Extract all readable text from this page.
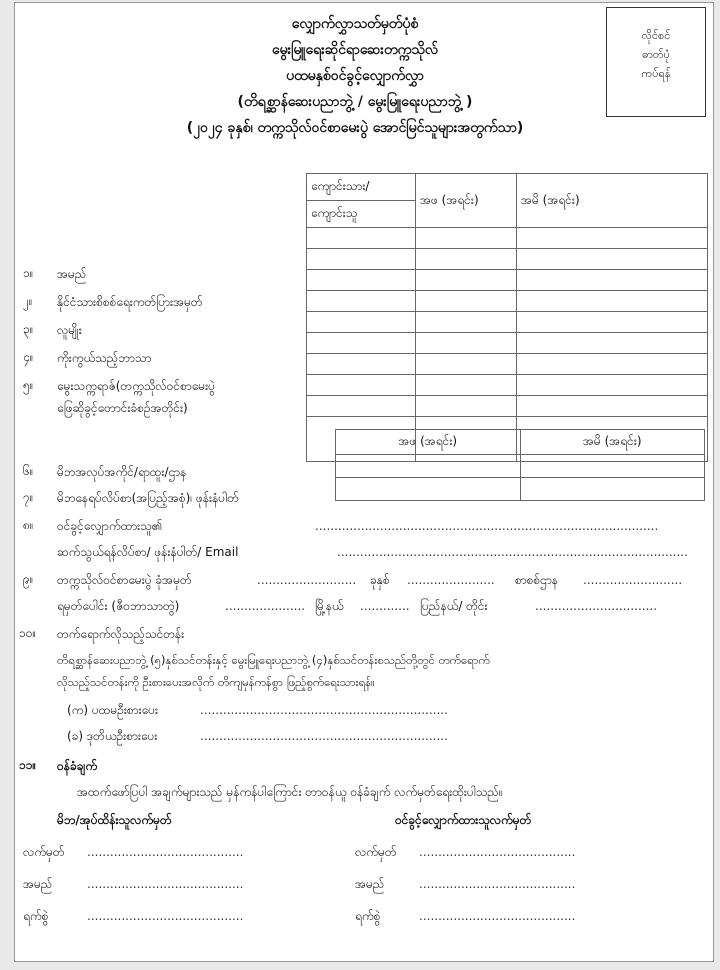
လျှောက်လွှာသတ်မှတ်ပုံစံ
မွေးမြူရေးဆိုင်ရာဆေးတက္ကသိုလ်
ပထမနှစ်ဝင်ခွင့်လျှောက်လွှာ
(တိရစ္ဆာန်ဆေးပညာဘွဲ့ / မွေးမြူရေးပညာဘွဲ့ )
(၂၀၂၄ ခုနှစ်၊ တက္ကသိုလ်ဝင်စာမေးပွဲ အောင်မြင်သူများအတွက်သာ)
လိုင်စင်
ဓာတ်ပုံ
ကပ်ရန်
ကျောင်းသား/	အဖ (အရင်း)	အမိ (အရင်း)
ကျောင်းသူ		

၁။ အမည်
၂။ နိုင်ငံသားစိစစ်ရေးကတ်ပြားအမှတ်
၃။ လူမျိုး
၄။ ကိုးကွယ်သည့်ဘာသာ
၅။ မွေးသက္ကရာဇ်(တက္ကသိုလ်ဝင်စာမေးပွဲ
ဖြေဆိုခွင့်တောင်းခံစဉ်အတိုင်း)
အဖ (အရင်း)	အမိ (အရင်း)

၆။ မိဘအလုပ်အကိုင်/ရာထူး/ဌာန
၇။ မိဘနေရပ်လိပ်စာ(အပြည့်အစုံ)၊ ဖုန်းနံပါတ်
၈။ ဝင်ခွင့်လျှောက်ထားသူ၏	..........................................................................................
ဆက်သွယ်ရန်လိပ်စာ/ ဖုန်းနံပါတ်/ Email	............................................................................................
၉။ တက္ကသိုလ်ဝင်စာမေးပွဲ ခုံအမှတ်	.......................... ခုနှစ် ....................... စာစစ်ဌာန ..........................
ရမှတ်ပေါင်း (ဇီဝဘာသာတွဲ)	..................... မြို့နယ် ............. ပြည်နယ်/ တိုင်း	................................
၁၀။ တက်ရောက်လိုသည့်သင်တန်း
တိရစ္ဆာန်ဆေးပညာဘွဲ့ (၅)နှစ်သင်တန်းနှင့် မွေးမြူရေးပညာဘွဲ့ (၄)နှစ်သင်တန်းစသည်တို့တွင် တက်ရောက်
လိုသည့်သင်တန်းကို ဦးစားပေးအလိုက် တိကျမှန်ကန်စွာ ဖြည့်စွက်ရေးသားရန်။
(က) ပထမဦးစားပေး	.................................................................
(ခ) ဒုတိယဦးစားပေး	.................................................................
၁၁။ ဝန်ခံချက်
အထက်ဖော်ပြပါ အချက်များသည် မှန်ကန်ပါကြောင်း တာဝန်ယူ ဝန်ခံချက် လက်မှတ်ရေးထိုးပါသည်။
မိဘ/အုပ်ထိန်းသူလက်မှတ်	ဝင်ခွင့်လျှောက်ထားသူလက်မှတ်
လက်မှတ် .........................................	လက်မှတ် .........................................
အမည်	.........................................	အမည်	.........................................
ရက်စွဲ	.........................................	ရက်စွဲ	.........................................
